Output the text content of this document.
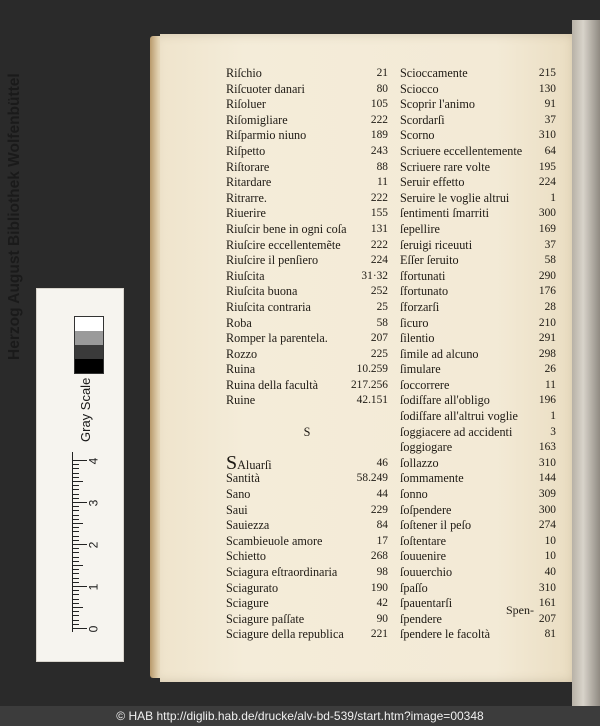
Riſchio	21
Riſcuoter danari	80
Riſoluer	105
Riſomigliare	222
Riſparmio niuno	189
Riſpetto	243
Riſtorare	88
Ritardare	11
Ritrarre.	222
Riuerire	155
Riuſcir bene in ogni coſa 131
Riuſcire eccellentemẽte	222
Riuſcire il penſiero	224
Riuſcita	31·32
Riuſcita buona	252
Riuſcita contraria	25
Roba	58
Romper la parentela.	207
Rozzo	225
Ruina	10.259
Ruina della facultà	217.256
Ruine	42.151
S
SAluarſi	46
Santità	58.249
Sano	44
Saui	229
Sauiezza	84
Scambieuole amore	17
Schietto	268
Sciagura eſtraordinaria	98
Sciagurato	190
Sciagure	42
Sciagure paſſate	90
Sciagure della republica 221
Scioccamente	215
Sciocco	130
Scoprir l'animo	91
Scordarſi	37
Scorno	310
Scriuere eccellentemente 64
Scriuere rare volte	195
Seruir effetto	224
Seruire le voglie altrui	1
ſentimenti ſmarriti	300
ſepellire	169
ſeruigi riceuuti	37
Eſſer ſeruito	58
ſfortunati	290
ſfortunato	176
ſforzarſi	28
ſicuro	210
ſilentio	291
ſimile ad alcuno	298
ſimulare	26
ſoccorrere	11
ſodiſfare all'obligo	196
ſodiſfare all'altrui voglie	1
ſoggiacere ad accidenti	3
ſoggiogare	163
ſollazzo	310
ſommamente	144
ſonno	309
ſoſpendere	300
ſoſtener il peſo	274
ſoſtentare	10
ſouuenire	10
ſouuerchio	40
ſpaſſo	310
ſpauentarſi	161
ſpendere	207
ſpendere le facoltà	81
Spen-
Herzog August Bibliothek Wolfenbüttel
Gray Scale
0
1
2
3
4
© HAB http://diglib.hab.de/drucke/alv-bd-539/start.htm?image=00348
